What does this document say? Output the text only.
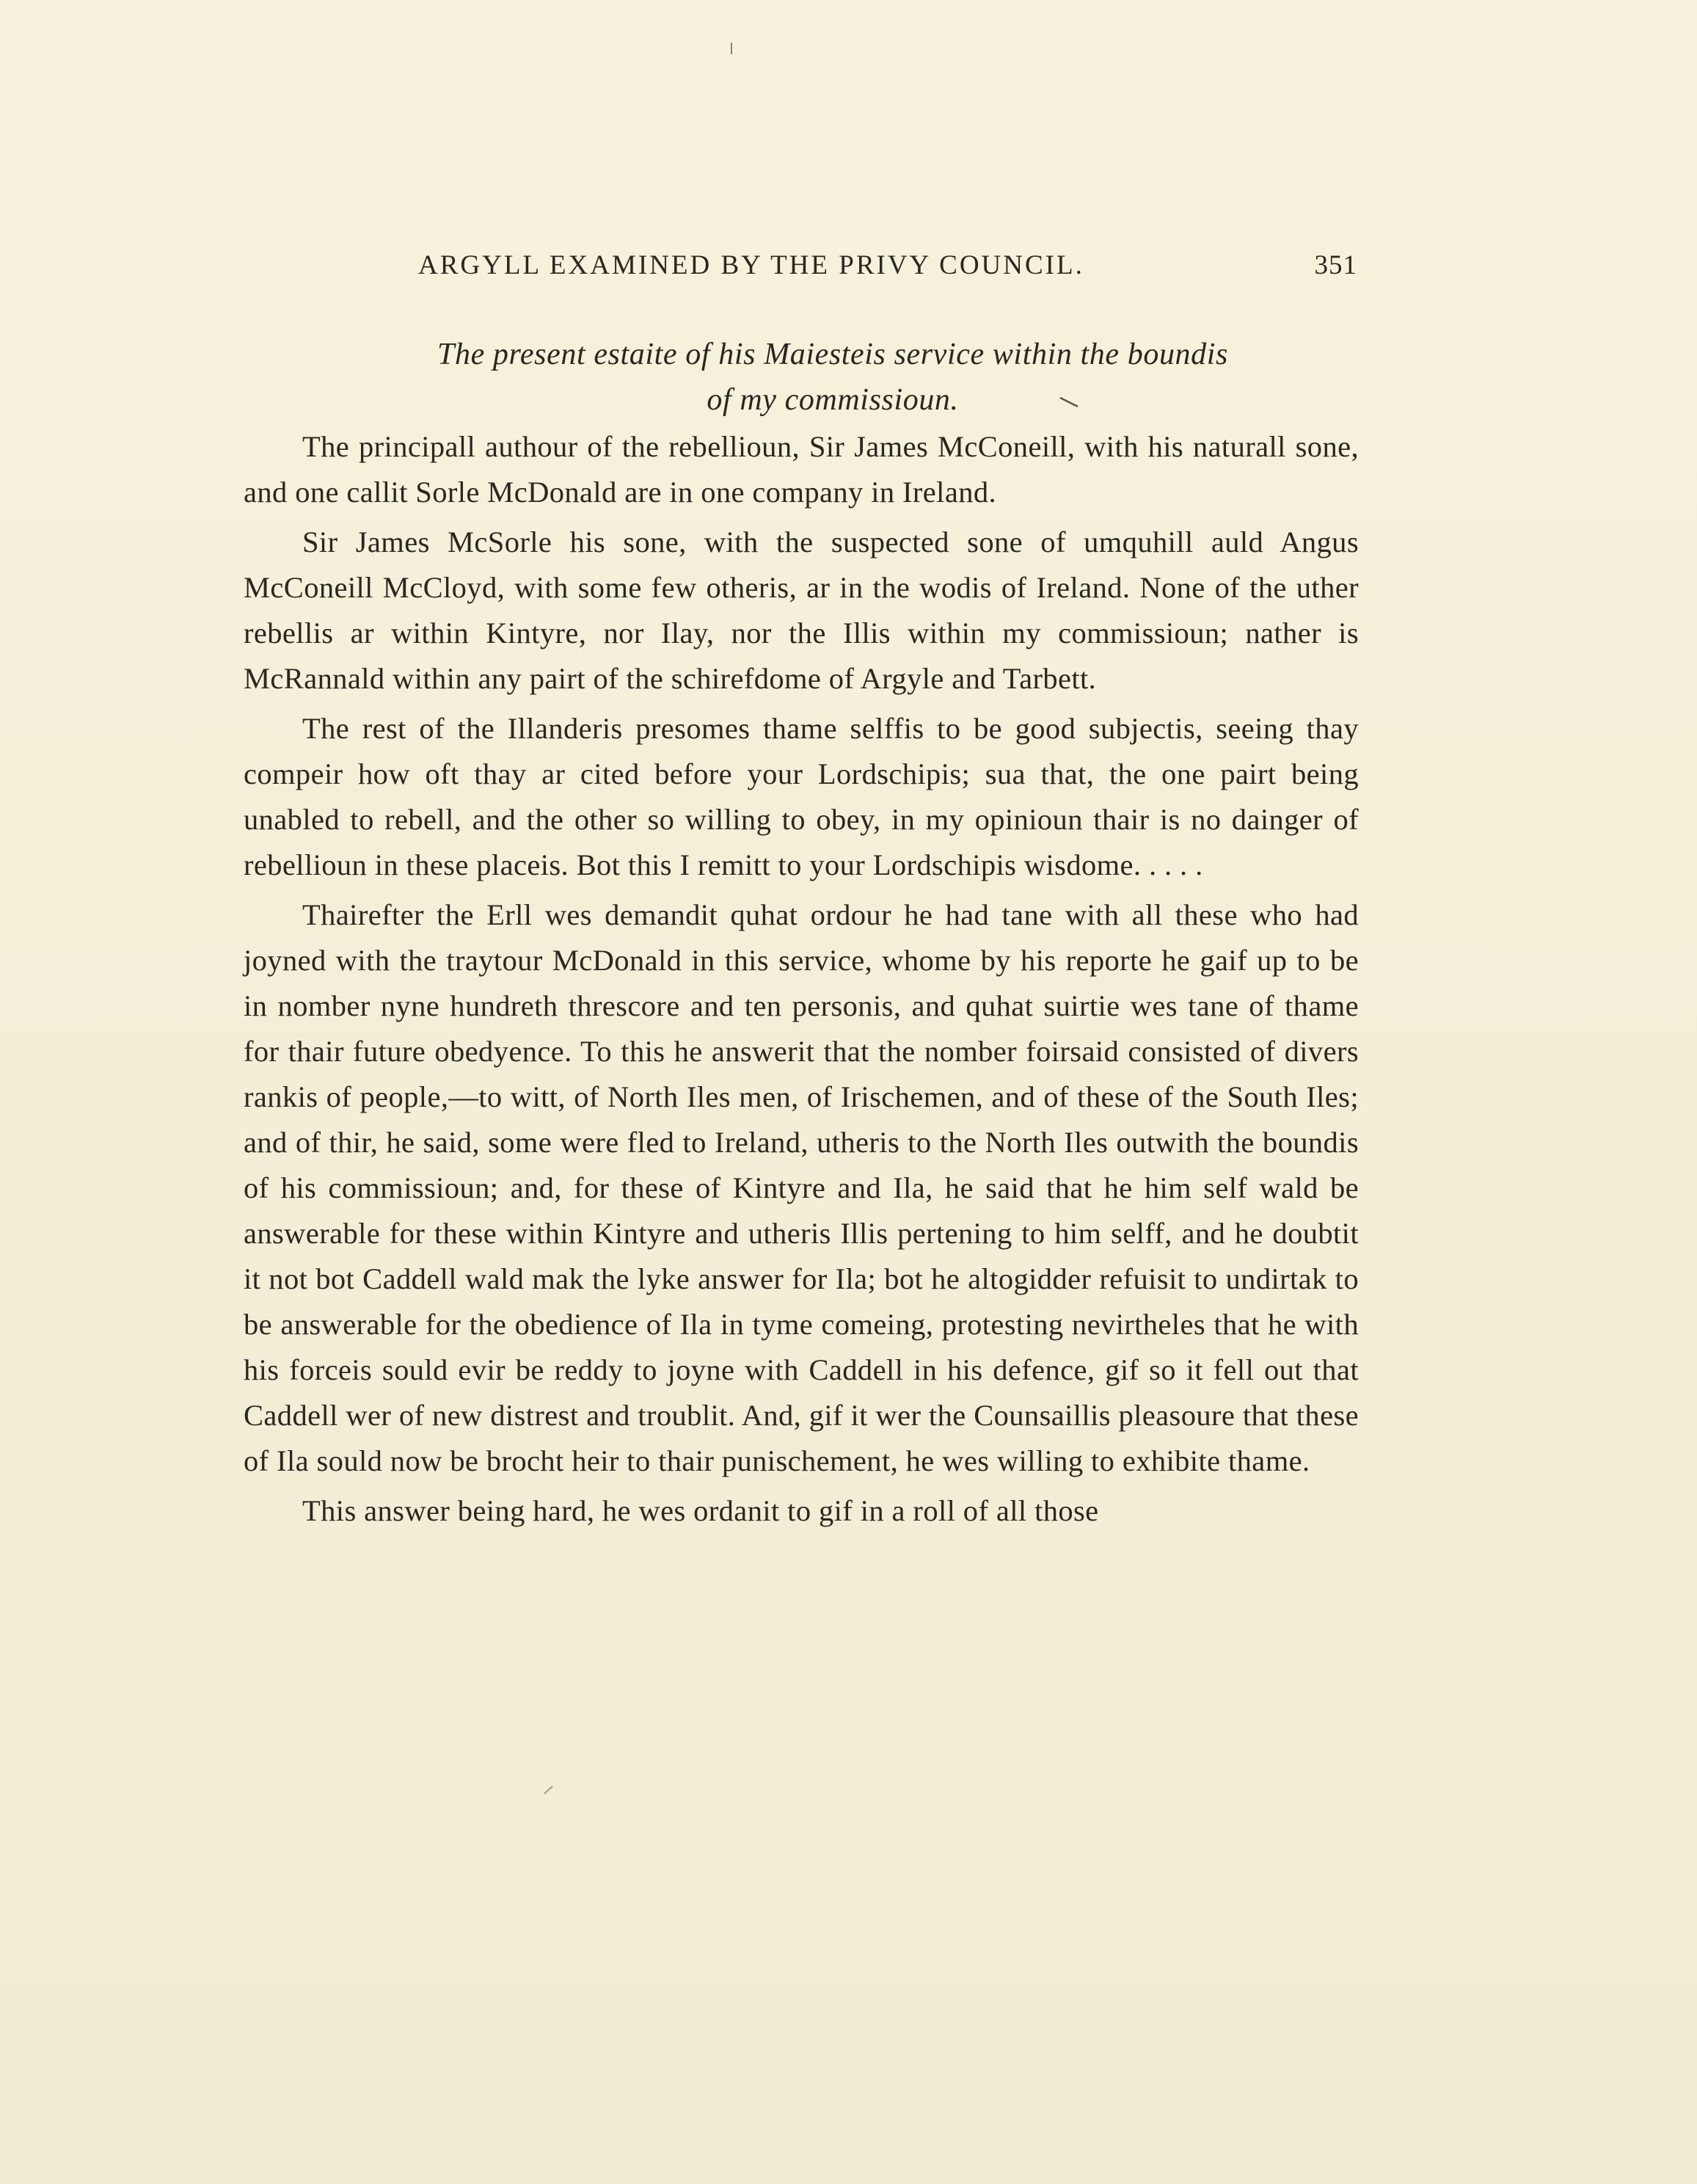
ARGYLL EXAMINED BY THE PRIVY COUNCIL.	351
The present estaite of his Maiesteis service within the boundis
of my commissioun.

The principall authour of the rebellioun, Sir James McConeill, with his naturall sone, and one callit Sorle McDonald are in one company in Ireland.

Sir James McSorle his sone, with the suspected sone of umquhill auld Angus McConeill McCloyd, with some few otheris, ar in the wodis of Ireland. None of the uther rebellis ar within Kintyre, nor Ilay, nor the Illis within my commissioun; nather is McRannald within any pairt of the schirefdome of Argyle and Tarbett.

The rest of the Illanderis presomes thame selffis to be good subjectis, seeing thay compeir how oft thay ar cited before your Lordschipis; sua that, the one pairt being unabled to rebell, and the other so willing to obey, in my opinioun thair is no dainger of rebellioun in these placeis. Bot this I remitt to your Lordschipis wisdome. . . . .

Thairefter the Erll wes demandit quhat ordour he had tane with all these who had joyned with the traytour McDonald in this service, whome by his reporte he gaif up to be in nomber nyne hundreth threscore and ten personis, and quhat suirtie wes tane of thame for thair future obedyence. To this he answerit that the nomber foirsaid consisted of divers rankis of people,—to witt, of North Iles men, of Irischemen, and of these of the South Iles; and of thir, he said, some were fled to Ireland, utheris to the North Iles outwith the boundis of his commissioun; and, for these of Kintyre and Ila, he said that he him self wald be answerable for these within Kintyre and utheris Illis pertening to him selff, and he doubtit it not bot Caddell wald mak the lyke answer for Ila; bot he altogidder refuisit to undirtak to be answerable for the obedience of Ila in tyme comeing, protesting nevirtheles that he with his forceis sould evir be reddy to joyne with Caddell in his defence, gif so it fell out that Caddell wer of new distrest and troublit. And, gif it wer the Counsaillis pleasoure that these of Ila sould now be brocht heir to thair punischement, he wes willing to exhibite thame.

This answer being hard, he wes ordanit to gif in a roll of all those
